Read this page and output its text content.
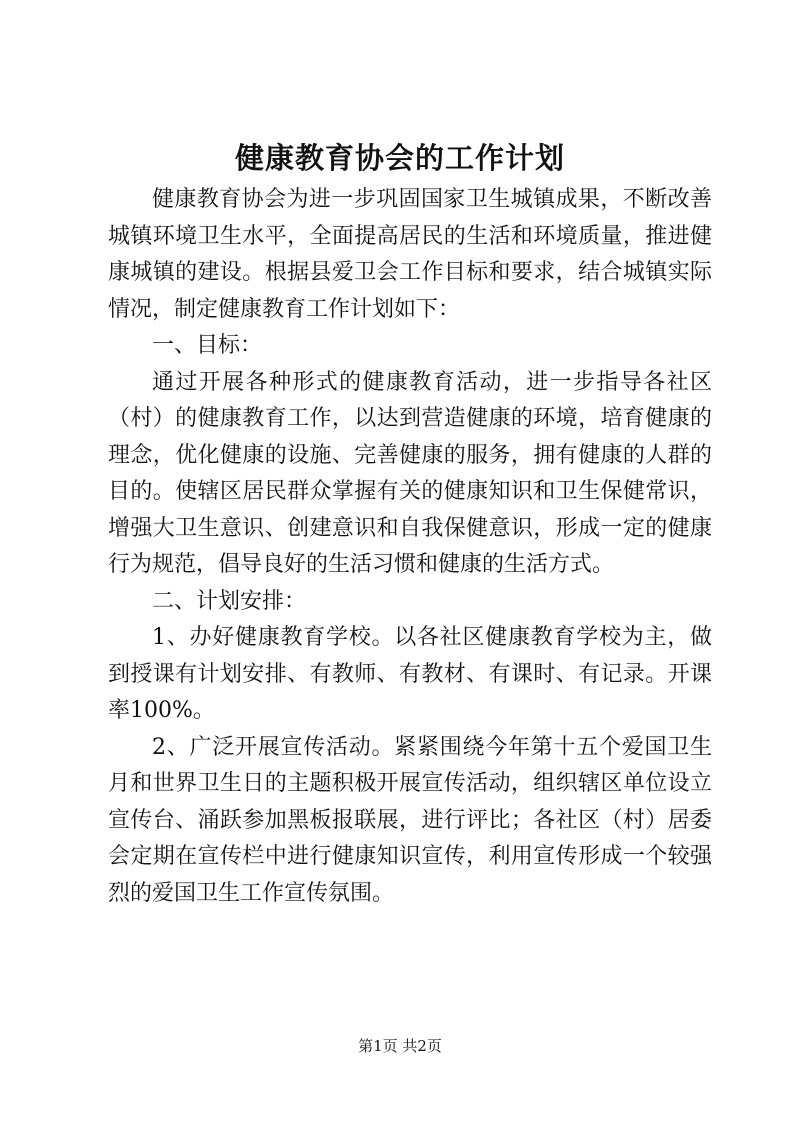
健康教育协会的工作计划

健康教育协会为进一步巩固国家卫生城镇成果，不断改善城镇环境卫生水平，全面提高居民的生活和环境质量，推进健康城镇的建设。根据县爱卫会工作目标和要求，结合城镇实际情况，制定健康教育工作计划如下：

一、目标：

通过开展各种形式的健康教育活动，进一步指导各社区（村）的健康教育工作，以达到营造健康的环境，培育健康的理念，优化健康的设施、完善健康的服务，拥有健康的人群的目的。使辖区居民群众掌握有关的健康知识和卫生保健常识，增强大卫生意识、创建意识和自我保健意识，形成一定的健康行为规范，倡导良好的生活习惯和健康的生活方式。

二、计划安排：

1、办好健康教育学校。以各社区健康教育学校为主，做到授课有计划安排、有教师、有教材、有课时、有记录。开课率100%。

2、广泛开展宣传活动。紧紧围绕今年第十五个爱国卫生月和世界卫生日的主题积极开展宣传活动，组织辖区单位设立宣传台、涌跃参加黑板报联展，进行评比；各社区（村）居委会定期在宣传栏中进行健康知识宣传，利用宣传形成一个较强烈的爱国卫生工作宣传氛围。

第1页 共2页
